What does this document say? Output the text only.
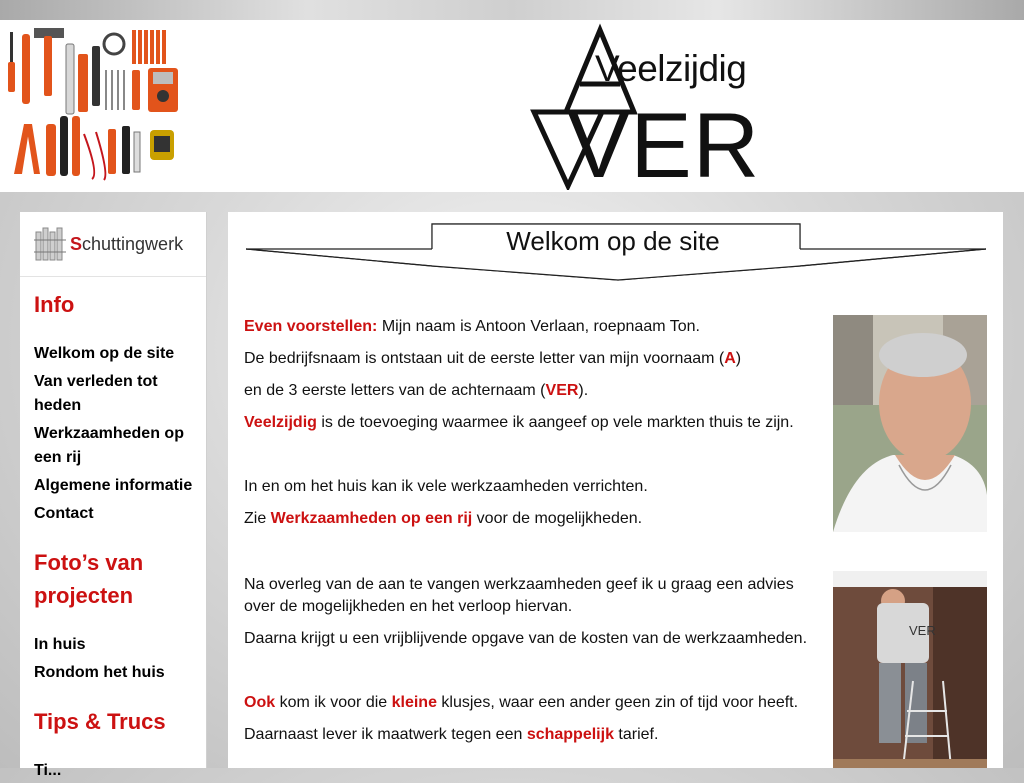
Veelzijdig
VER
Schuttingwerk
Info
Welkom op de site
Van verleden tot heden
Werkzaamheden op een rij
Algemene informatie
Contact
Foto’s van projecten
In huis
Rondom het huis
Tips & Trucs
Ti...
Welkom op de site
Even voorstellen: Mijn naam is Antoon Verlaan, roepnaam Ton.
De bedrijfsnaam is ontstaan uit de eerste letter van mijn voornaam (A)
en de 3 eerste letters van de achternaam (VER).
Veelzijdig is de toevoeging waarmee ik aangeef op vele markten thuis te zijn.
In en om het huis kan ik vele werkzaamheden verrichten.
Zie Werkzaamheden op een rij voor de mogelijkheden.
Na overleg van de aan te vangen werkzaamheden geef ik u graag een advies over de mogelijkheden en het verloop hiervan.
Daarna krijgt u een vrijblijvende opgave van de kosten van de werkzaamheden.
Ook kom ik voor die kleine klusjes, waar een ander geen zin of tijd voor heeft.
Daarnaast lever ik maatwerk tegen een schappelijk tarief.
VER
